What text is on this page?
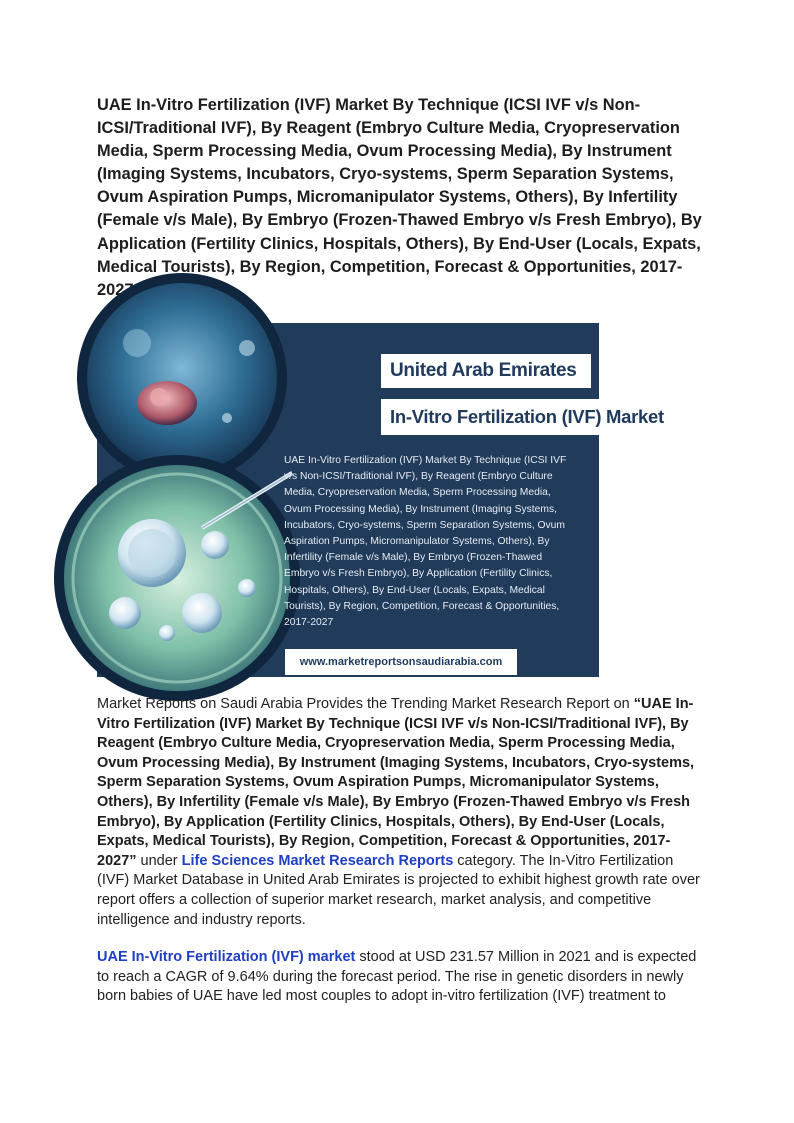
UAE In-Vitro Fertilization (IVF) Market By Technique (ICSI IVF v/s Non-ICSI/Traditional IVF), By Reagent (Embryo Culture Media, Cryopreservation Media, Sperm Processing Media, Ovum Processing Media), By Instrument (Imaging Systems, Incubators, Cryo-systems, Sperm Separation Systems, Ovum Aspiration Pumps, Micromanipulator Systems, Others), By Infertility (Female v/s Male), By Embryo (Frozen-Thawed Embryo v/s Fresh Embryo), By Application (Fertility Clinics, Hospitals, Others), By End-User (Locals, Expats, Medical Tourists), By Region, Competition, Forecast & Opportunities, 2017-2027
United Arab Emirates
In-Vitro Fertilization (IVF) Market

UAE In-Vitro Fertilization (IVF) Market By Technique (ICSI IVF v/s Non-ICSI/Traditional IVF), By Reagent (Embryo Culture Media, Cryopreservation Media, Sperm Processing Media, Ovum Processing Media), By Instrument (Imaging Systems, Incubators, Cryo-systems, Sperm Separation Systems, Ovum Aspiration Pumps, Micromanipulator Systems, Others), By Infertility (Female v/s Male), By Embryo (Frozen-Thawed Embryo v/s Fresh Embryo), By Application (Fertility Clinics, Hospitals, Others), By End-User (Locals, Expats, Medical Tourists), By Region, Competition, Forecast & Opportunities, 2017-2027

www.marketreportsonsaudiarabia.com

Market Reports on Saudi Arabia Provides the Trending Market Research Report on “UAE In-Vitro Fertilization (IVF) Market By Technique (ICSI IVF v/s Non-ICSI/Traditional IVF), By Reagent (Embryo Culture Media, Cryopreservation Media, Sperm Processing Media, Ovum Processing Media), By Instrument (Imaging Systems, Incubators, Cryo-systems, Sperm Separation Systems, Ovum Aspiration Pumps, Micromanipulator Systems, Others), By Infertility (Female v/s Male), By Embryo (Frozen-Thawed Embryo v/s Fresh Embryo), By Application (Fertility Clinics, Hospitals, Others), By End-User (Locals, Expats, Medical Tourists), By Region, Competition, Forecast & Opportunities, 2017-2027” under Life Sciences Market Research Reports category. The In-Vitro Fertilization (IVF) Market Database in United Arab Emirates is projected to exhibit highest growth rate over report offers a collection of superior market research, market analysis, and competitive intelligence and industry reports.

UAE In-Vitro Fertilization (IVF) market stood at USD 231.57 Million in 2021 and is expected to reach a CAGR of 9.64% during the forecast period. The rise in genetic disorders in newly born babies of UAE have led most couples to adopt in-vitro fertilization (IVF) treatment to
